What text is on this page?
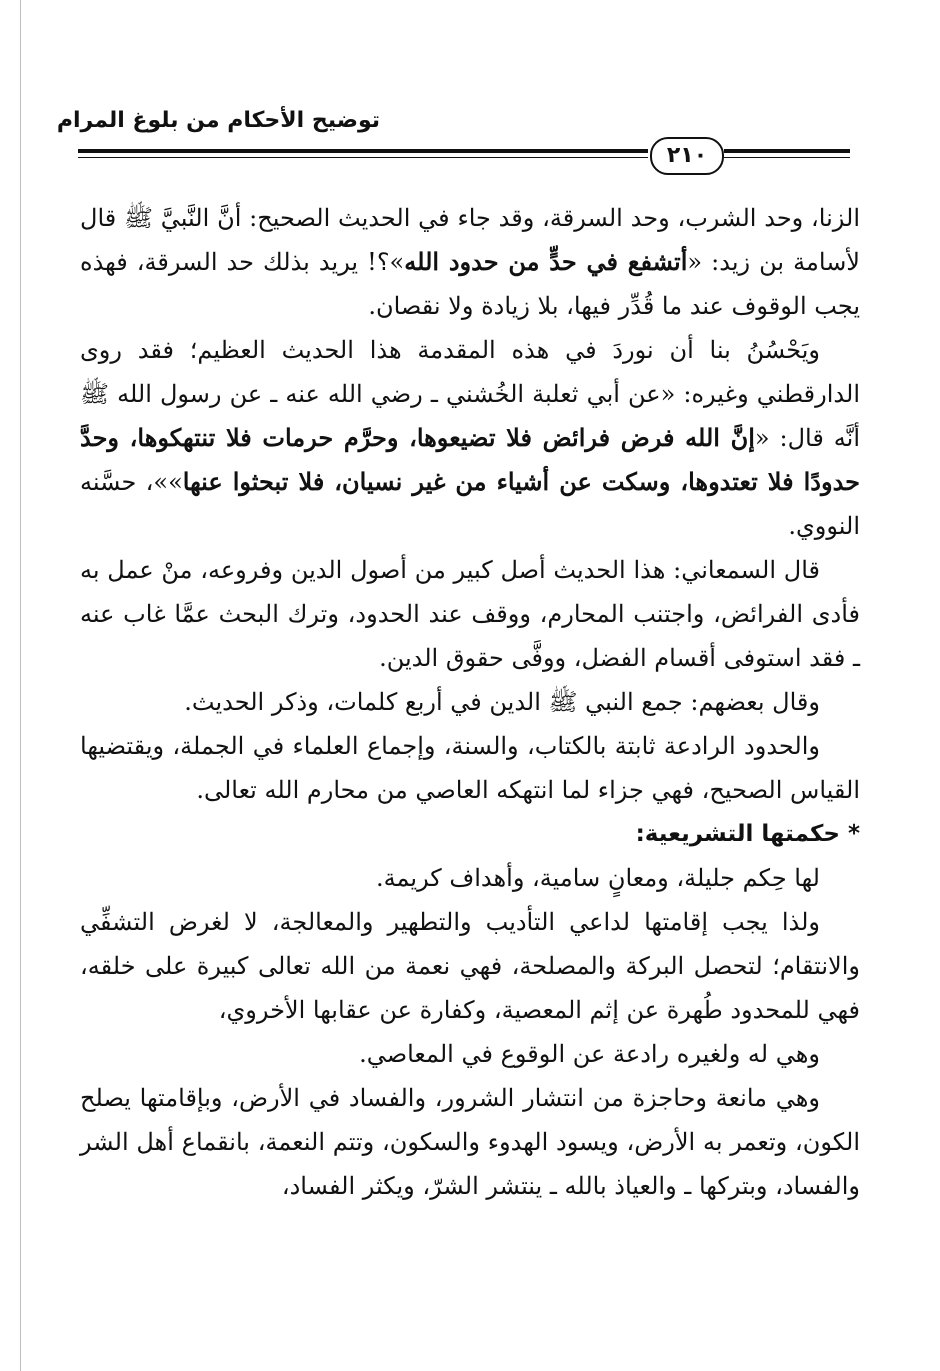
توضيح الأحكام من بلوغ المرام
٢١٠

الزنا، وحد الشرب، وحد السرقة، وقد جاء في الحديث الصحيح: أنَّ النَّبيَّ ﷺ قال لأسامة بن زيد: «أتشفع في حدٍّ من حدود الله»؟! يريد بذلك حد السرقة، فهذه يجب الوقوف عند ما قُدِّر فيها، بلا زيادة ولا نقصان.

ويَحْسُنُ بنا أن نوردَ في هذه المقدمة هذا الحديث العظيم؛ فقد روى الدارقطني وغيره: «عن أبي ثعلبة الخُشني ـ رضي الله عنه ـ عن رسول الله ﷺ أنَّه قال: «إنَّ الله فرض فرائض فلا تضيعوها، وحرَّم حرمات فلا تنتهكوها، وحدَّ حدودًا فلا تعتدوها، وسكت عن أشياء من غير نسيان، فلا تبحثوا عنها»»، حسَّنه النووي.

قال السمعاني: هذا الحديث أصل كبير من أصول الدين وفروعه، منْ عمل به فأدى الفرائض، واجتنب المحارم، ووقف عند الحدود، وترك البحث عمَّا غاب عنه ـ فقد استوفى أقسام الفضل، ووفَّى حقوق الدين.

وقال بعضهم: جمع النبي ﷺ الدين في أربع كلمات، وذكر الحديث.

والحدود الرادعة ثابتة بالكتاب، والسنة، وإجماع العلماء في الجملة، ويقتضيها القياس الصحيح، فهي جزاء لما انتهكه العاصي من محارم الله تعالى.

* حكمتها التشريعية:

لها حِكم جليلة، ومعانٍ سامية، وأهداف كريمة.

ولذا يجب إقامتها لداعي التأديب والتطهير والمعالجة، لا لغرض التشفِّي والانتقام؛ لتحصل البركة والمصلحة، فهي نعمة من الله تعالى كبيرة على خلقه، فهي للمحدود طُهرة عن إثم المعصية، وكفارة عن عقابها الأخروي،

وهي له ولغيره رادعة عن الوقوع في المعاصي.

وهي مانعة وحاجزة من انتشار الشرور، والفساد في الأرض، وبإقامتها يصلح الكون، وتعمر به الأرض، ويسود الهدوء والسكون، وتتم النعمة، بانقماع أهل الشر والفساد، وبتركها ـ والعياذ بالله ـ ينتشر الشرّ، ويكثر الفساد،
